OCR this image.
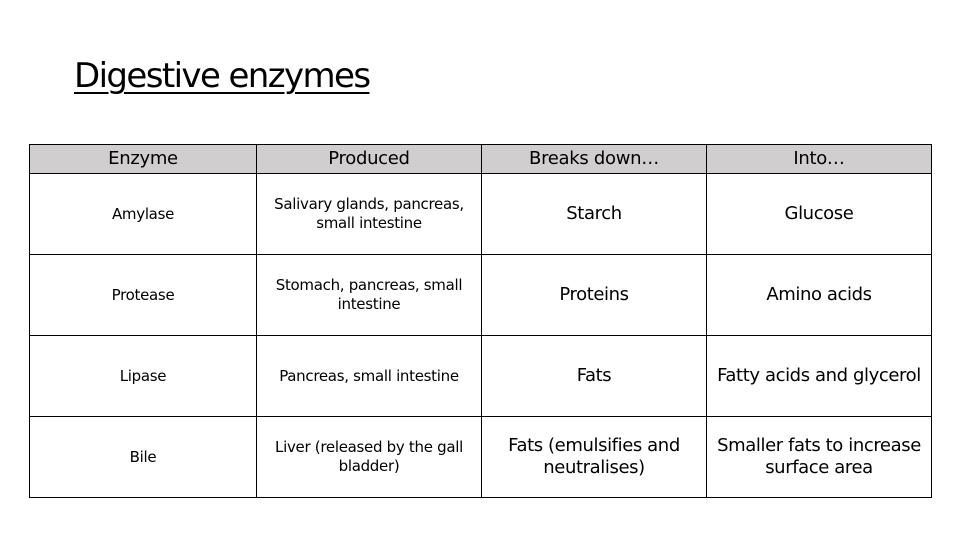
Digestive enzymes
Enzyme	Produced	Breaks down…	Into…
Amylase	Salivary glands, pancreas, small intestine	Starch	Glucose
Protease	Stomach, pancreas, small intestine	Proteins	Amino acids
Lipase	Pancreas, small intestine	Fats	Fatty acids and glycerol
Bile	Liver (released by the gall bladder)	Fats (emulsifies and neutralises)	Smaller fats to increase surface area
